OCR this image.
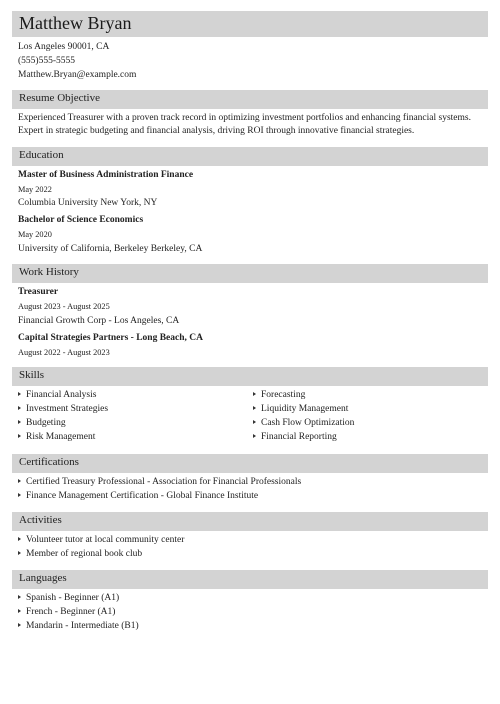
Matthew Bryan
Los Angeles 90001, CA
(555)555-5555
Matthew.Bryan@example.com
Resume Objective
Experienced Treasurer with a proven track record in optimizing investment portfolios and enhancing financial systems.
Expert in strategic budgeting and financial analysis, driving ROI through innovative financial strategies.
Education
Master of Business Administration Finance
May 2022
Columbia University New York, NY
Bachelor of Science Economics
May 2020
University of California, Berkeley Berkeley, CA
Work History
Treasurer
August 2023 - August 2025
Financial Growth Corp - Los Angeles, CA
Capital Strategies Partners - Long Beach, CA
August 2022 - August 2023
Skills
Financial Analysis
Investment Strategies
Budgeting
Risk Management
Forecasting
Liquidity Management
Cash Flow Optimization
Financial Reporting
Certifications
Certified Treasury Professional - Association for Financial Professionals
Finance Management Certification - Global Finance Institute
Activities
Volunteer tutor at local community center
Member of regional book club
Languages
Spanish - Beginner (A1)
French - Beginner (A1)
Mandarin - Intermediate (B1)
